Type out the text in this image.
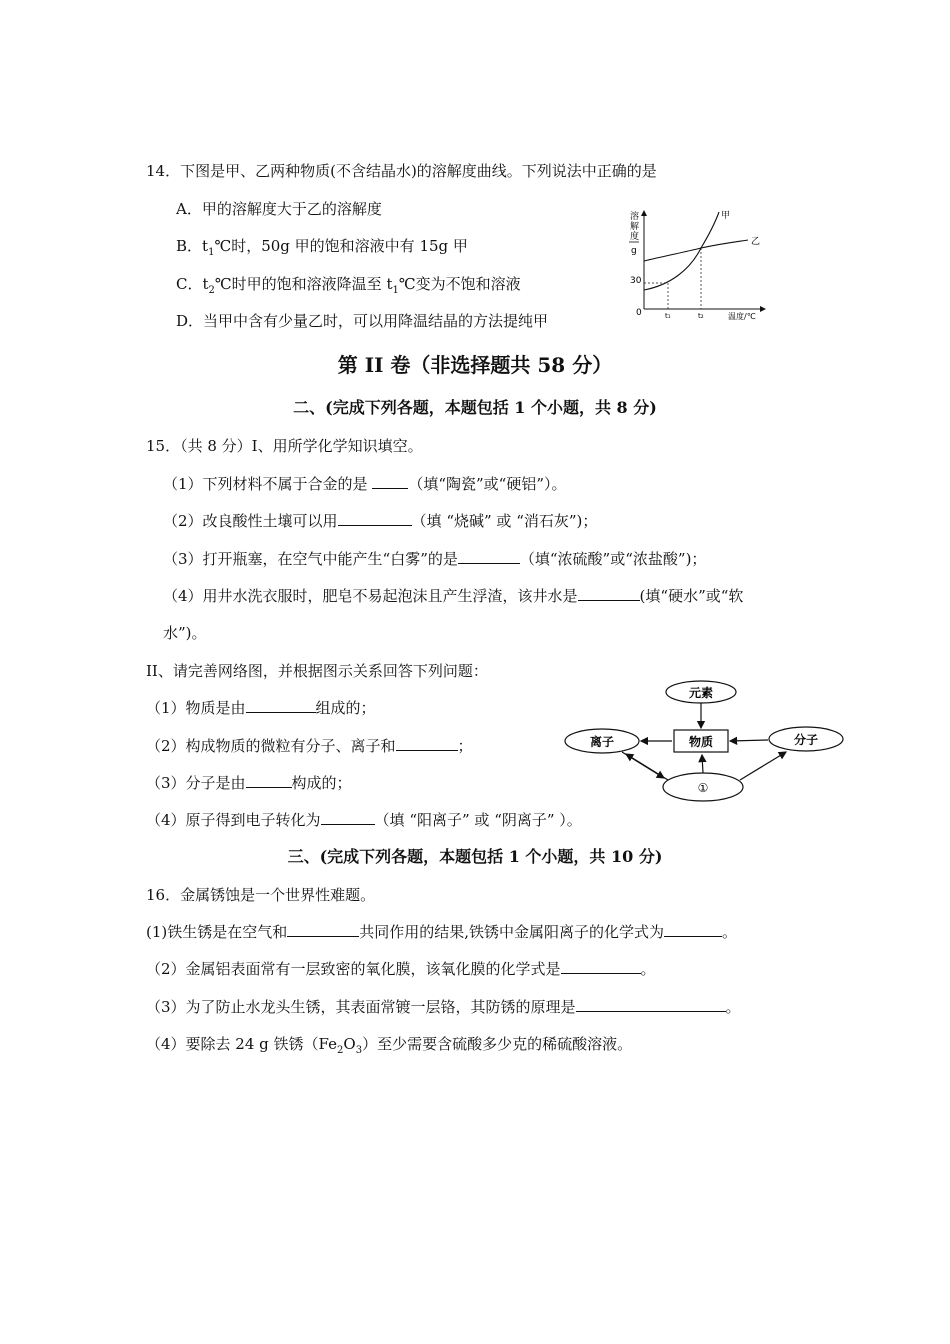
14．下图是甲、乙两种物质(不含结晶水)的溶解度曲线。下列说法中正确的是
A．甲的溶解度大于乙的溶解度
B．$t_1℃$时，50g 甲的饱和溶液中有 15g 甲
C．$t_2℃$时甲的饱和溶液降温至 $t_1℃$变为不饱和溶液
D．当甲中含有少量乙时，可以用降温结晶的方法提纯甲
溶
解
度
g
30
0
甲
乙
t₁	t₂	温度/℃
第 II 卷（非选择题共 58 分）
二、(完成下列各题，本题包括 1 个小题，共 8 分)
15．（共 8 分）I、用所学化学知识填空。
（1）下列材料不属于合金的是	（填“陶瓷”或“硬铝”）。
（2）改良酸性土壤可以用	（填 “烧碱” 或 “消石灰”)；
（3）打开瓶塞，在空气中能产生“白雾”的是	（填“浓硫酸”或“浓盐酸”)；
（4）用井水洗衣服时，肥皂不易起泡沫且产生浮渣，该井水是	(填“硬水”或“软
水”)。
II、请完善网络图，并根据图示关系回答下列问题：
（1）物质是由	组成的；
（2）构成物质的微粒有分子、离子和	；
（3）分子是由	构成的；
（4）原子得到电子转化为	（填 “阳离子” 或 “阴离子” ）。
元素
物质
离子	分子
①
三、(完成下列各题，本题包括 1 个小题，共 10 分)
16．金属锈蚀是一个世界性难题。
(1)铁生锈是在空气和	共同作用的结果,铁锈中金属阳离子的化学式为	。
（2）金属铝表面常有一层致密的氧化膜，该氧化膜的化学式是	。
（3）为了防止水龙头生锈，其表面常镀一层铬，其防锈的原理是	。
（4）要除去 24 g 铁锈$(Fe_2O_3)$至少需要含硫酸多少克的稀硫酸溶液。
